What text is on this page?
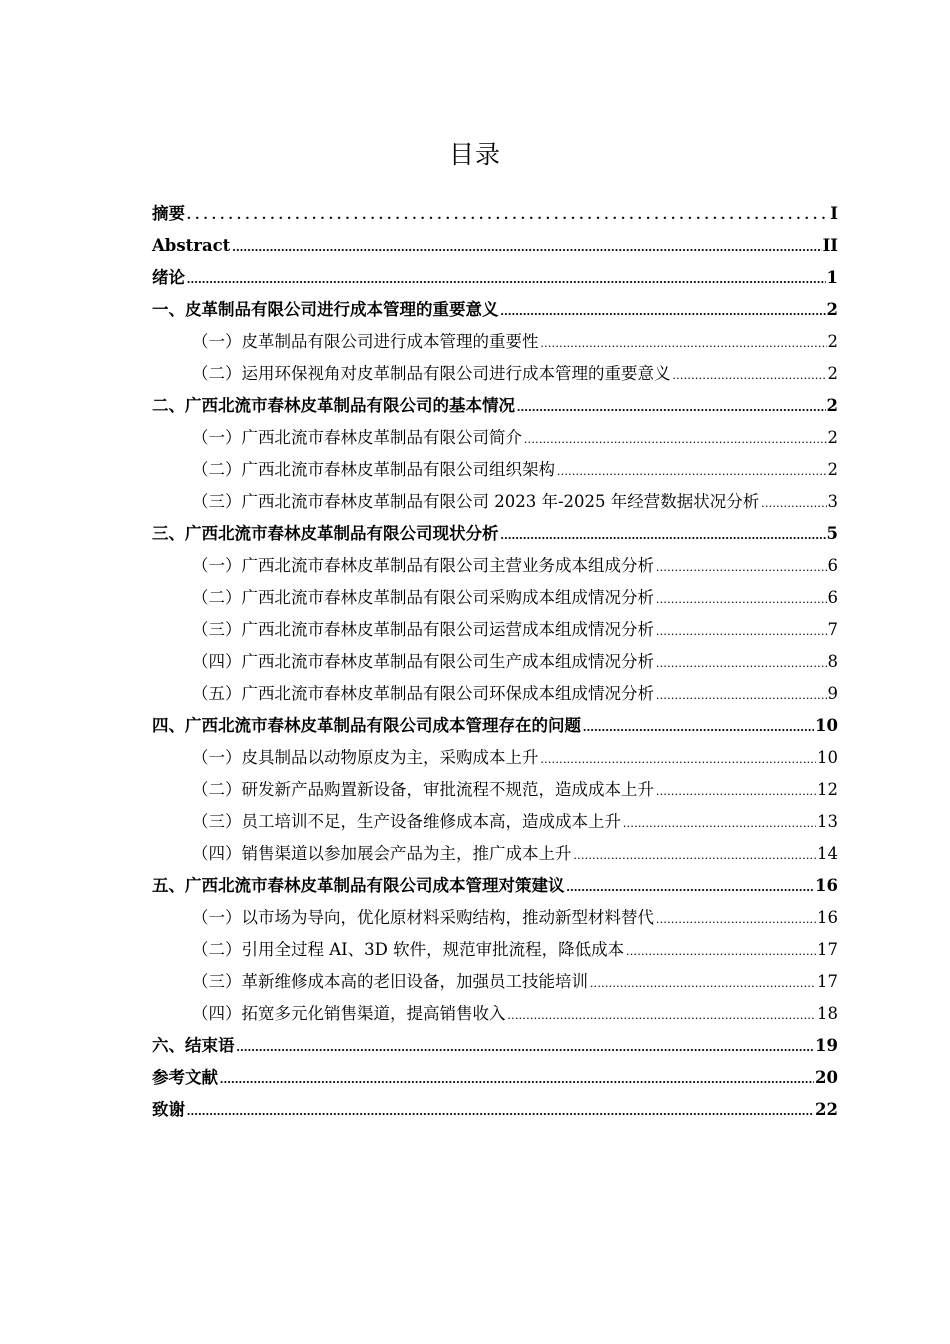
目录
摘要 .....	I
Abstract .....	II
绪论 .....	1
一、皮革制品有限公司进行成本管理的重要意义 .....	2
（一）皮革制品有限公司进行成本管理的重要性 .....	2
（二）运用环保视角对皮革制品有限公司进行成本管理的重要意义 .....	2
二、广西北流市春林皮革制品有限公司的基本情况 .....	2
（一）广西北流市春林皮革制品有限公司简介 .....	2
（二）广西北流市春林皮革制品有限公司组织架构 .....	2
（三）广西北流市春林皮革制品有限公司 2023 年-2025 年经营数据状况分析 .....	3
三、广西北流市春林皮革制品有限公司现状分析 .....	5
（一）广西北流市春林皮革制品有限公司主营业务成本组成分析 .....	6
（二）广西北流市春林皮革制品有限公司采购成本组成情况分析 .....	6
（三）广西北流市春林皮革制品有限公司运营成本组成情况分析 .....	7
（四）广西北流市春林皮革制品有限公司生产成本组成情况分析 .....	8
（五）广西北流市春林皮革制品有限公司环保成本组成情况分析 .....	9
四、广西北流市春林皮革制品有限公司成本管理存在的问题 .....	10
（一）皮具制品以动物原皮为主，采购成本上升 .....	10
（二）研发新产品购置新设备，审批流程不规范，造成成本上升 .....	12
（三）员工培训不足，生产设备维修成本高，造成成本上升 .....	13
（四）销售渠道以参加展会产品为主，推广成本上升 .....	14
五、广西北流市春林皮革制品有限公司成本管理对策建议 .....	16
（一）以市场为导向，优化原材料采购结构，推动新型材料替代 .....	16
（二）引用全过程 AI、3D 软件，规范审批流程，降低成本 .....	17
（三）革新维修成本高的老旧设备，加强员工技能培训 .....	17
（四）拓宽多元化销售渠道，提高销售收入 .....	18
六、结束语 .....	19
参考文献 .....	20
致谢 .....	22
